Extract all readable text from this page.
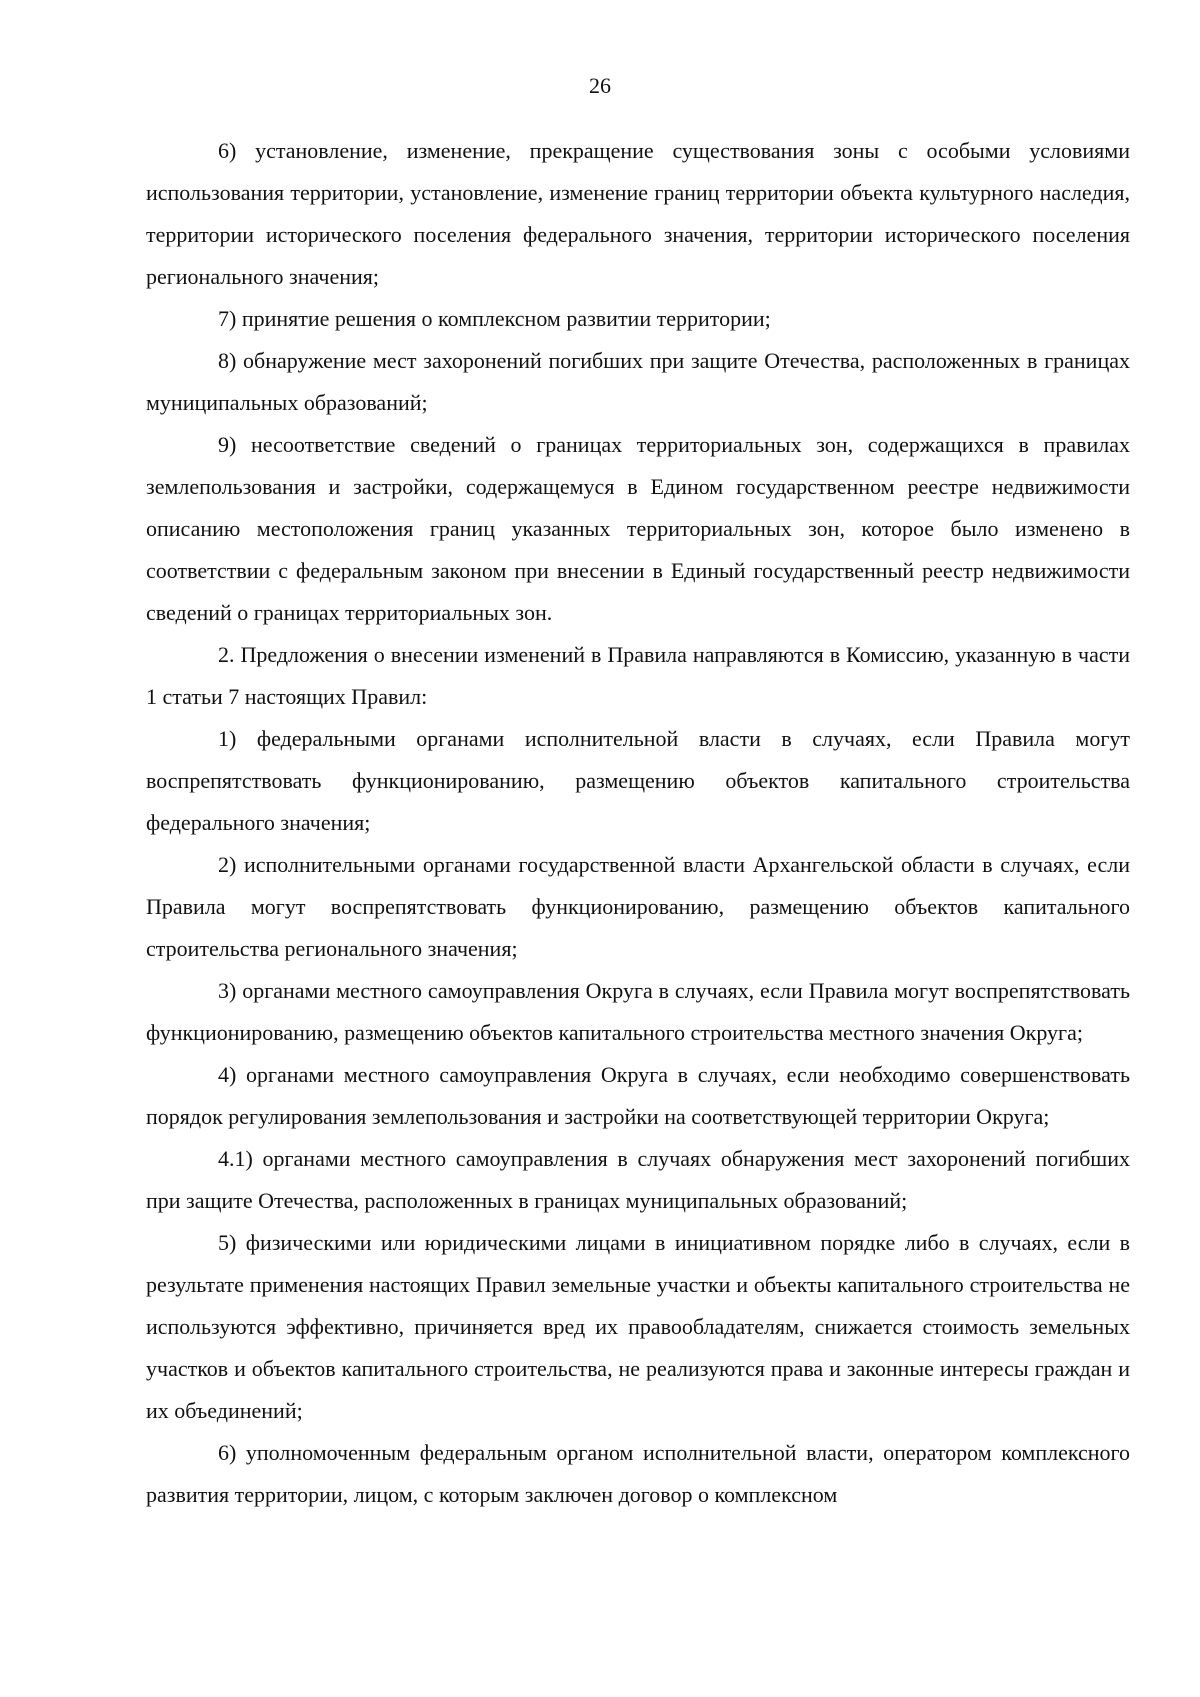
26

6) установление, изменение, прекращение существования зоны с особыми условиями использования территории, установление, изменение границ территории объекта культурного наследия, территории исторического поселения федерального значения, территории исторического поселения регионального значения;

7) принятие решения о комплексном развитии территории;

8) обнаружение мест захоронений погибших при защите Отечества, расположенных в границах муниципальных образований;

9) несоответствие сведений о границах территориальных зон, содержащихся в правилах землепользования и застройки, содержащемуся в Едином государственном реестре недвижимости описанию местоположения границ указанных территориальных зон, которое было изменено в соответствии с федеральным законом при внесении в Единый государственный реестр недвижимости сведений о границах территориальных зон.

2. Предложения о внесении изменений в Правила направляются в Комиссию, указанную в части 1 статьи 7 настоящих Правил:

1) федеральными органами исполнительной власти в случаях, если Правила могут воспрепятствовать функционированию, размещению объектов капитального строительства федерального значения;

2) исполнительными органами государственной власти Архангельской области в случаях, если Правила могут воспрепятствовать функционированию, размещению объектов капитального строительства регионального значения;

3) органами местного самоуправления Округа в случаях, если Правила могут воспрепятствовать функционированию, размещению объектов капитального строительства местного значения Округа;

4) органами местного самоуправления Округа в случаях, если необходимо совершенствовать порядок регулирования землепользования и застройки на соответствующей территории Округа;

4.1) органами местного самоуправления в случаях обнаружения мест захоронений погибших при защите Отечества, расположенных в границах муниципальных образований;

5) физическими или юридическими лицами в инициативном порядке либо в случаях, если в результате применения настоящих Правил земельные участки и объекты капитального строительства не используются эффективно, причиняется вред их правообладателям, снижается стоимость земельных участков и объектов капитального строительства, не реализуются права и законные интересы граждан и их объединений;

6) уполномоченным федеральным органом исполнительной власти, оператором комплексного развития территории, лицом, с которым заключен договор о комплексном
